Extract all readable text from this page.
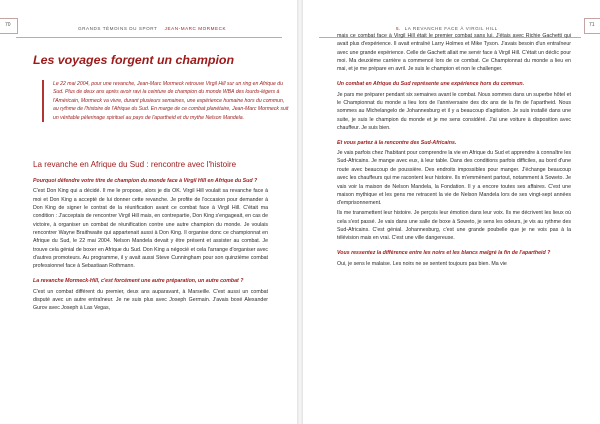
70
GRANDS TÉMOINS DU SPORT JEAN-MARC MORMECK
Les voyages forgent un champion

Le 22 mai 2004, pour une revanche, Jean-Marc Mormeck retrouve Virgil Hill sur un ring en Afrique du Sud. Plus de deux ans après avoir ravi la ceinture de champion du monde WBA des lourds-légers à l'Américain, Mormeck va vivre, durant plusieurs semaines, une expérience humaine hors du commun, au rythme de l'histoire de l'Afrique du Sud. En marge de ce combat planétaire, Jean-Marc Mormeck suit un véritable pèlerinage spirituel au pays de l'apartheid et du mythe Nelson Mandela.

La revanche en Afrique du Sud : rencontre avec l'histoire

Pourquoi défendre votre titre de champion du monde face à Virgil Hill en Afrique du Sud ?

C'est Don King qui a décidé. Il me le propose, alors je dis OK. Virgil Hill voulait sa revanche face à moi et Don King a accepté de lui donner cette revanche. Je profite de l'occasion pour demander à Don King de signer le contrat de la réunification avant ce combat face à Virgil Hill. C'était ma condition : J'acceptais de rencontrer Virgil Hill mais, en contrepartie, Don King s'engageait, en cas de victoire, à organiser un combat de réunification contre une autre champion du monde. Je voulais rencontrer Wayne Braithwaite qui appartenait aussi à Don King. Il organise donc ce championnat en Afrique du Sud, le 22 mai 2004. Nelson Mandela devait y être présent et assister au combat. Je trouve cela génial de boxer en Afrique du Sud. Don King a négocié et cela l'arrange d'organiser avec d'autres promoteurs. Au programme, il y avait aussi Steve Cunningham pour son quinzième combat professionnel face à Sebastiaan Rothmann.

La revanche Mormeck-Hill, c'est forcément une autre préparation, un autre combat ?

C'est un combat différent du premier, deux ans auparavant, à Marseille. C'est aussi un combat disputé avec un autre entraîneur. Je ne suis plus avec Joseph Germain. J'avais boxé Alexander Gurov avec Joseph à Las Vegas,

5. LA REVANCHE FACE À VIRGIL HILL
71

mais ce combat face à Virgil Hill était le premier combat sans lui. J'étais avec Richie Gachetti qui avait plus d'expérience. Il avait entraîné Larry Holmes et Mike Tyson. J'avais besoin d'un entraîneur avec une grande expérience. Celle de Gachett allait me servir face à Virgil Hill. C'était un déclic pour moi. Ma deuxième carrière a commencé lors de ce combat. Ce Championnat du monde a lieu en mai, et je me prépare en avril. Je suis le champion et non le challenger.

Un combat en Afrique du Sud représente une expérience hors du commun.

Je pars me préparer pendant six semaines avant le combat. Nous sommes dans un superbe hôtel et le Championnat du monde a lieu lors de l'anniversaire des dix ans de la fin de l'apartheid. Nous sommes au Michelangelo de Johannesburg et il y a beaucoup d'agitation. Je suis installé dans une suite, je suis le champion du monde et je me sens considéré. J'ai une voiture à disposition avec chauffeur. Je suis bien.

Et vous partez à la rencontre des Sud-Africains.

Je vais parfois chez l'habitant pour comprendre la vie en Afrique du Sud et apprendre à connaître les Sud-Africains. Je mange avec eux, à leur table. Dans des conditions parfois difficiles, au bord d'une route avec beaucoup de poussière. Des endroits impossibles pour manger. J'échange beaucoup avec les chauffeurs qui me racontent leur histoire. Ils m'emmènent partout, notamment à Soweto. Je vais voir la maison de Nelson Mandela, la Fondation. Il y a encore toutes ses affaires. C'est une maison mythique et les gens me retracent la vie de Nelson Mandela lors de ses vingt-sept années d'emprisonnement.

Ils me transmettent leur histoire. Je perçois leur émotion dans leur voix. Ils me décrivent les lieux où cela s'est passé. Je vais dans une salle de boxe à Soweto, je sens les odeurs, je vis au rythme des Sud-Africains. C'est génial. Johannesburg, c'est une grande poubelle que je ne vois pas à la télévision mais en vrai. C'est une ville dangereuse.

Vous ressentez la différence entre les noirs et les blancs malgré la fin de l'apartheid ?

Oui, je sens le malaise. Les noirs ne se sentent toujours pas bien. Ma vie
